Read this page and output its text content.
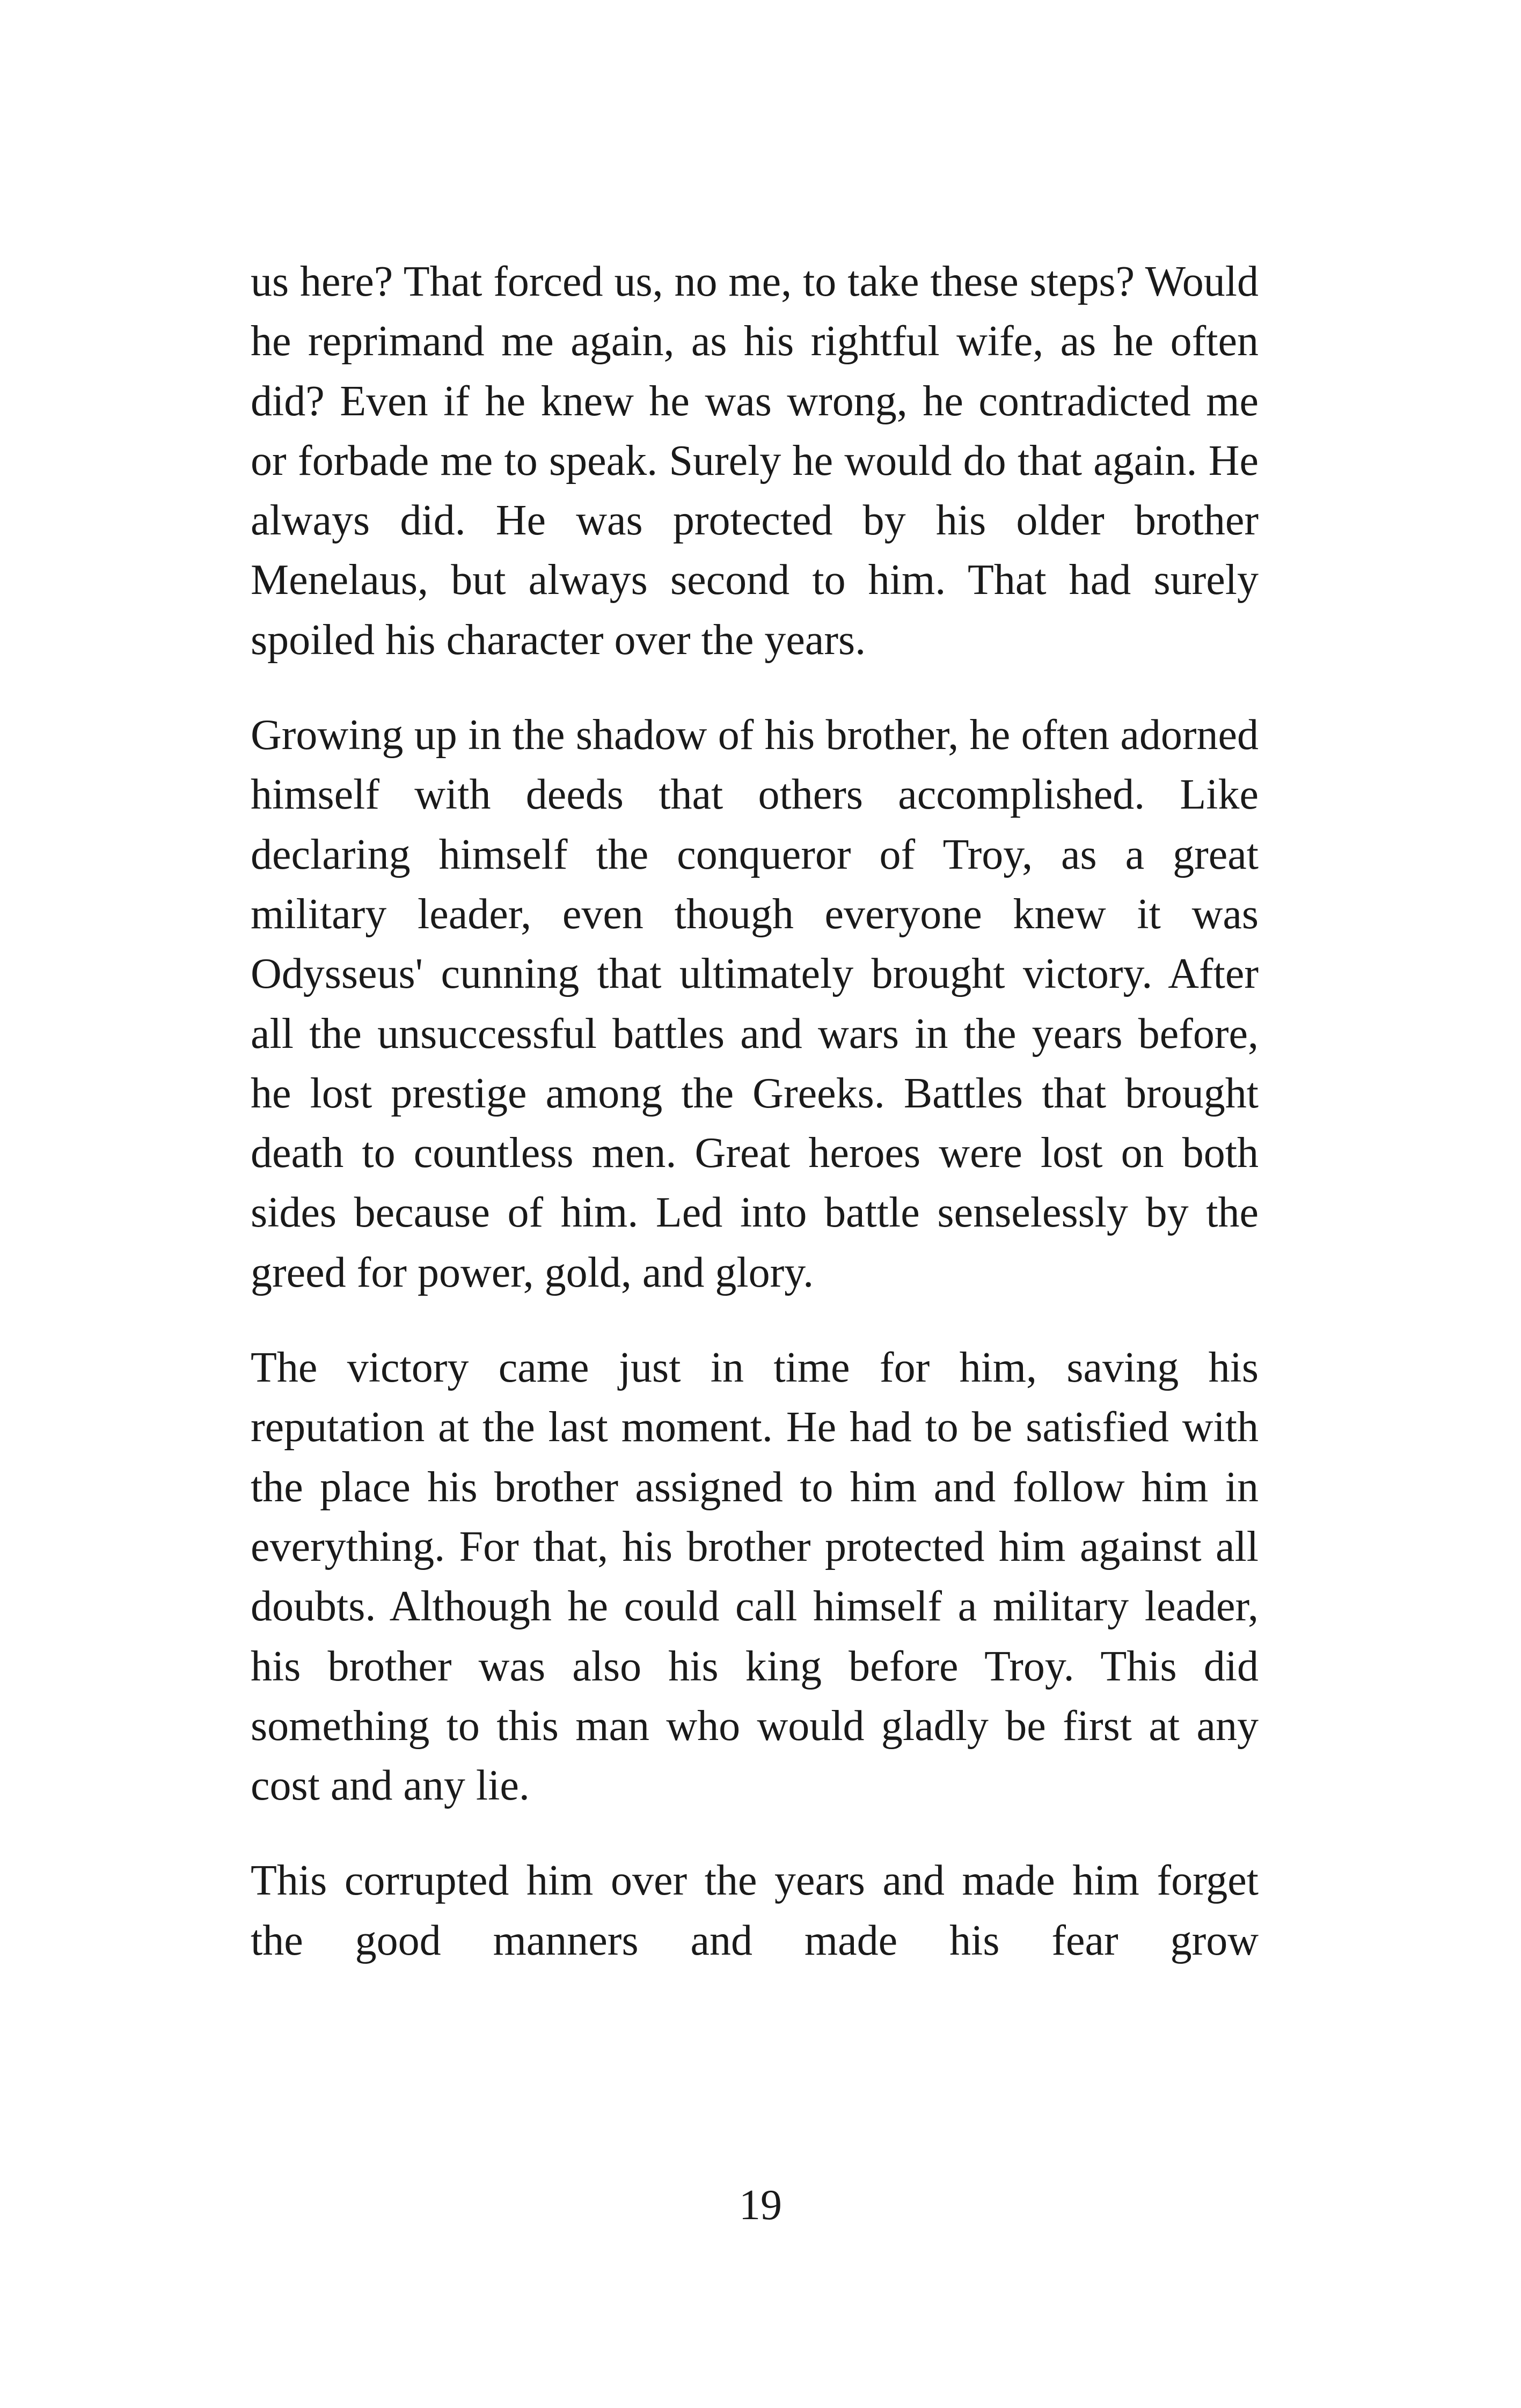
us here? That forced us, no me, to take these steps? Would he reprimand me again, as his rightful wife, as he often did? Even if he knew he was wrong, he contradicted me or forbade me to speak. Surely he would do that again. He always did. He was protected by his older brother Menelaus, but always second to him. That had surely spoiled his character over the years.

Growing up in the shadow of his brother, he often adorned himself with deeds that others accomplished. Like declaring himself the conqueror of Troy, as a great military leader, even though everyone knew it was Odysseus' cunning that ultimately brought victory. After all the unsuccessful battles and wars in the years before, he lost prestige among the Greeks. Battles that brought death to countless men. Great heroes were lost on both sides because of him. Led into battle senselessly by the greed for power, gold, and glory.

The victory came just in time for him, saving his reputation at the last moment. He had to be satisfied with the place his brother assigned to him and follow him in everything. For that, his brother protected him against all doubts. Although he could call himself a military leader, his brother was also his king before Troy. This did something to this man who would gladly be first at any cost and any lie.

This corrupted him over the years and made him forget the good manners and made his fear grow

19
